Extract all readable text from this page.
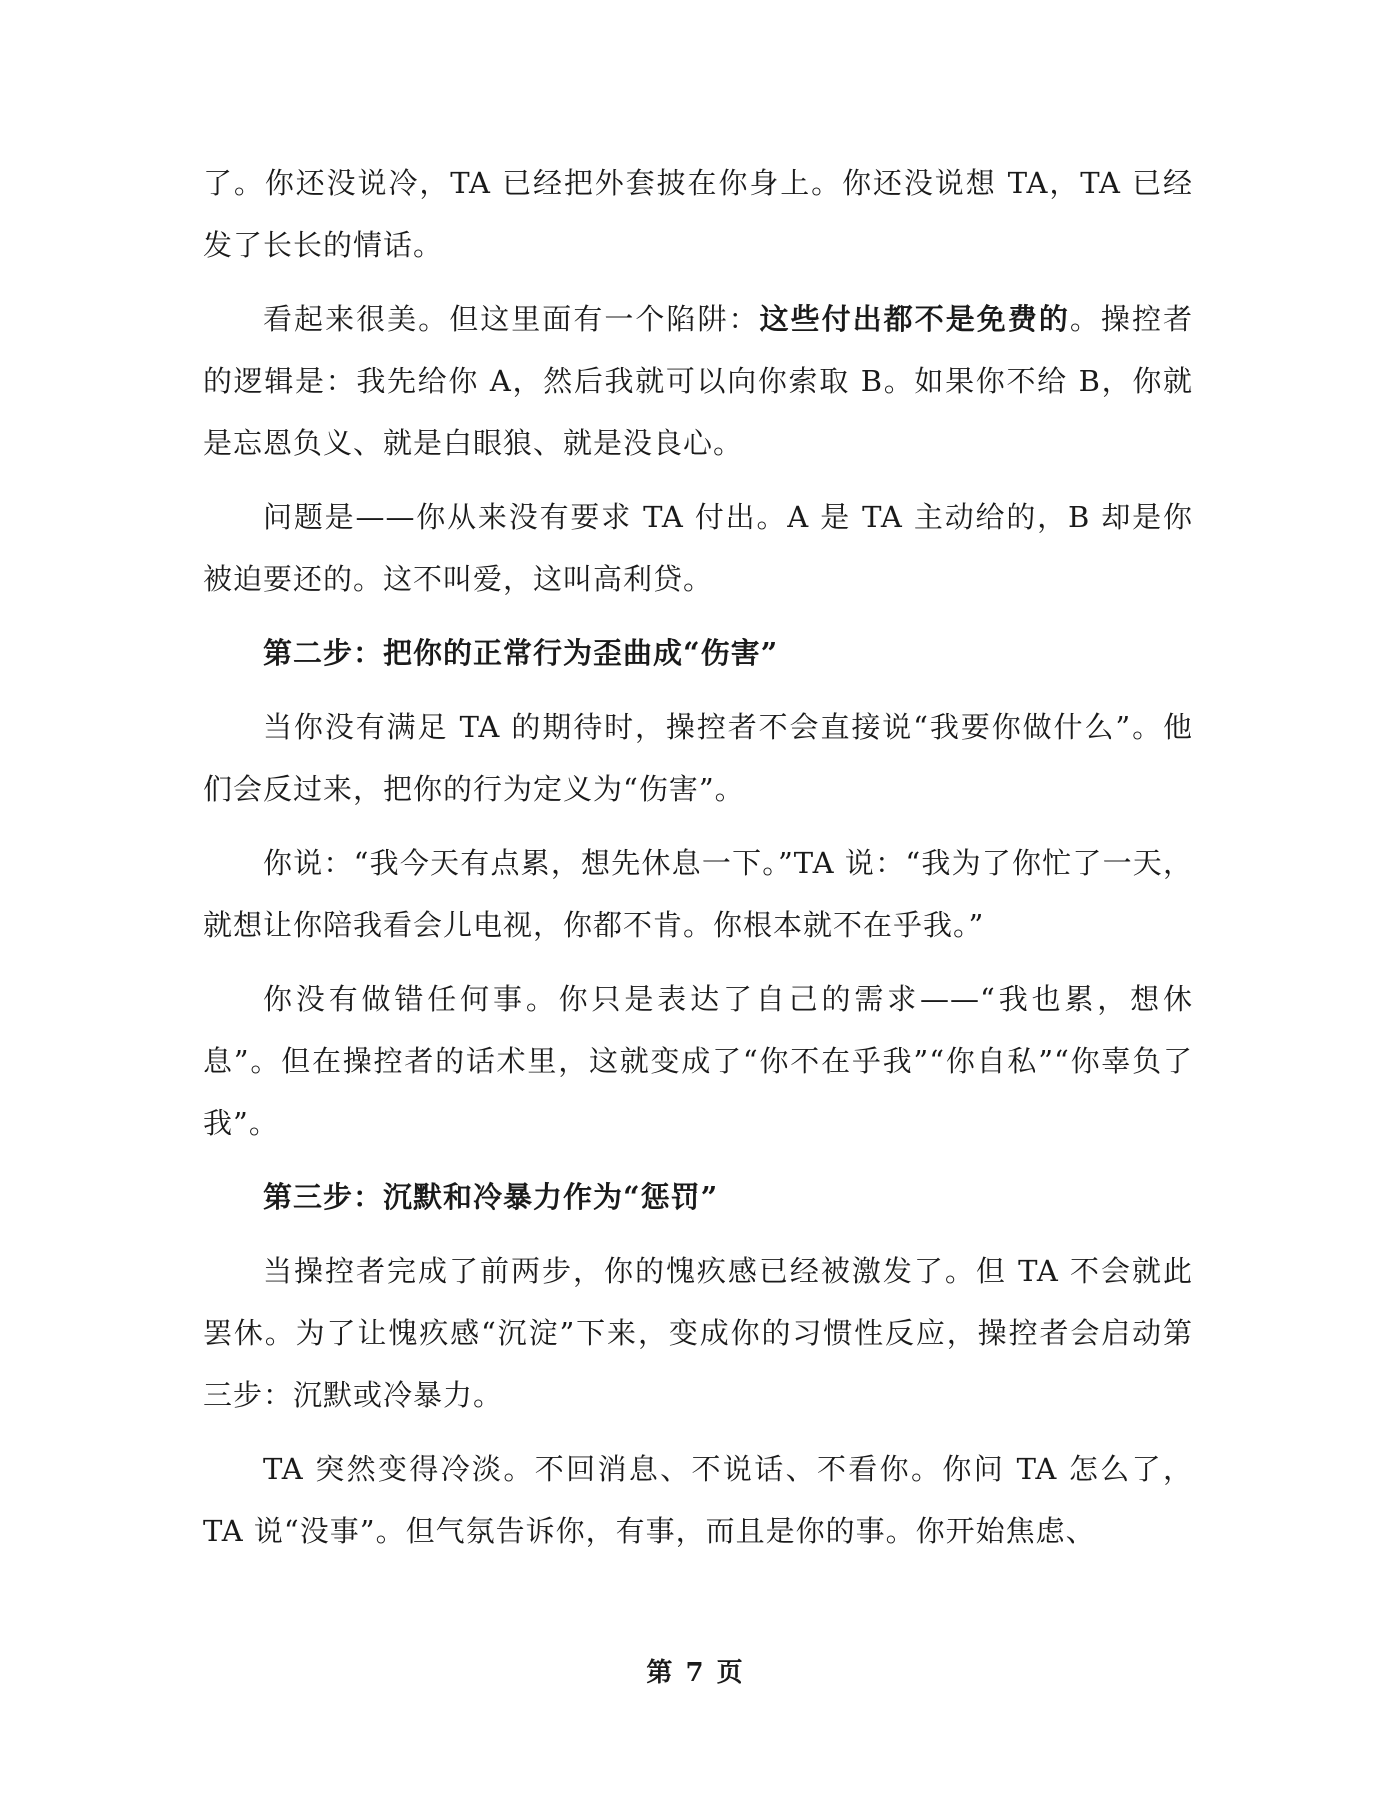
了。你还没说冷，TA 已经把外套披在你身上。你还没说想 TA，TA 已经发了长长的情话。

看起来很美。但这里面有一个陷阱：这些付出都不是免费的。操控者的逻辑是：我先给你 A，然后我就可以向你索取 B。如果你不给 B，你就是忘恩负义、就是白眼狼、就是没良心。

问题是——你从来没有要求 TA 付出。A 是 TA 主动给的，B 却是你被迫要还的。这不叫爱，这叫高利贷。

第二步：把你的正常行为歪曲成“伤害”

当你没有满足 TA 的期待时，操控者不会直接说“我要你做什么”。他们会反过来，把你的行为定义为“伤害”。

你说：“我今天有点累，想先休息一下。”TA 说：“我为了你忙了一天，就想让你陪我看会儿电视，你都不肯。你根本就不在乎我。”

你没有做错任何事。你只是表达了自己的需求——“我也累，想休息”。但在操控者的话术里，这就变成了“你不在乎我”“你自私”“你辜负了我”。

第三步：沉默和冷暴力作为“惩罚”

当操控者完成了前两步，你的愧疚感已经被激发了。但 TA 不会就此罢休。为了让愧疚感“沉淀”下来，变成你的习惯性反应，操控者会启动第三步：沉默或冷暴力。

TA 突然变得冷淡。不回消息、不说话、不看你。你问 TA 怎么了，TA 说“没事”。但气氛告诉你，有事，而且是你的事。你开始焦虑、

第 7 页
